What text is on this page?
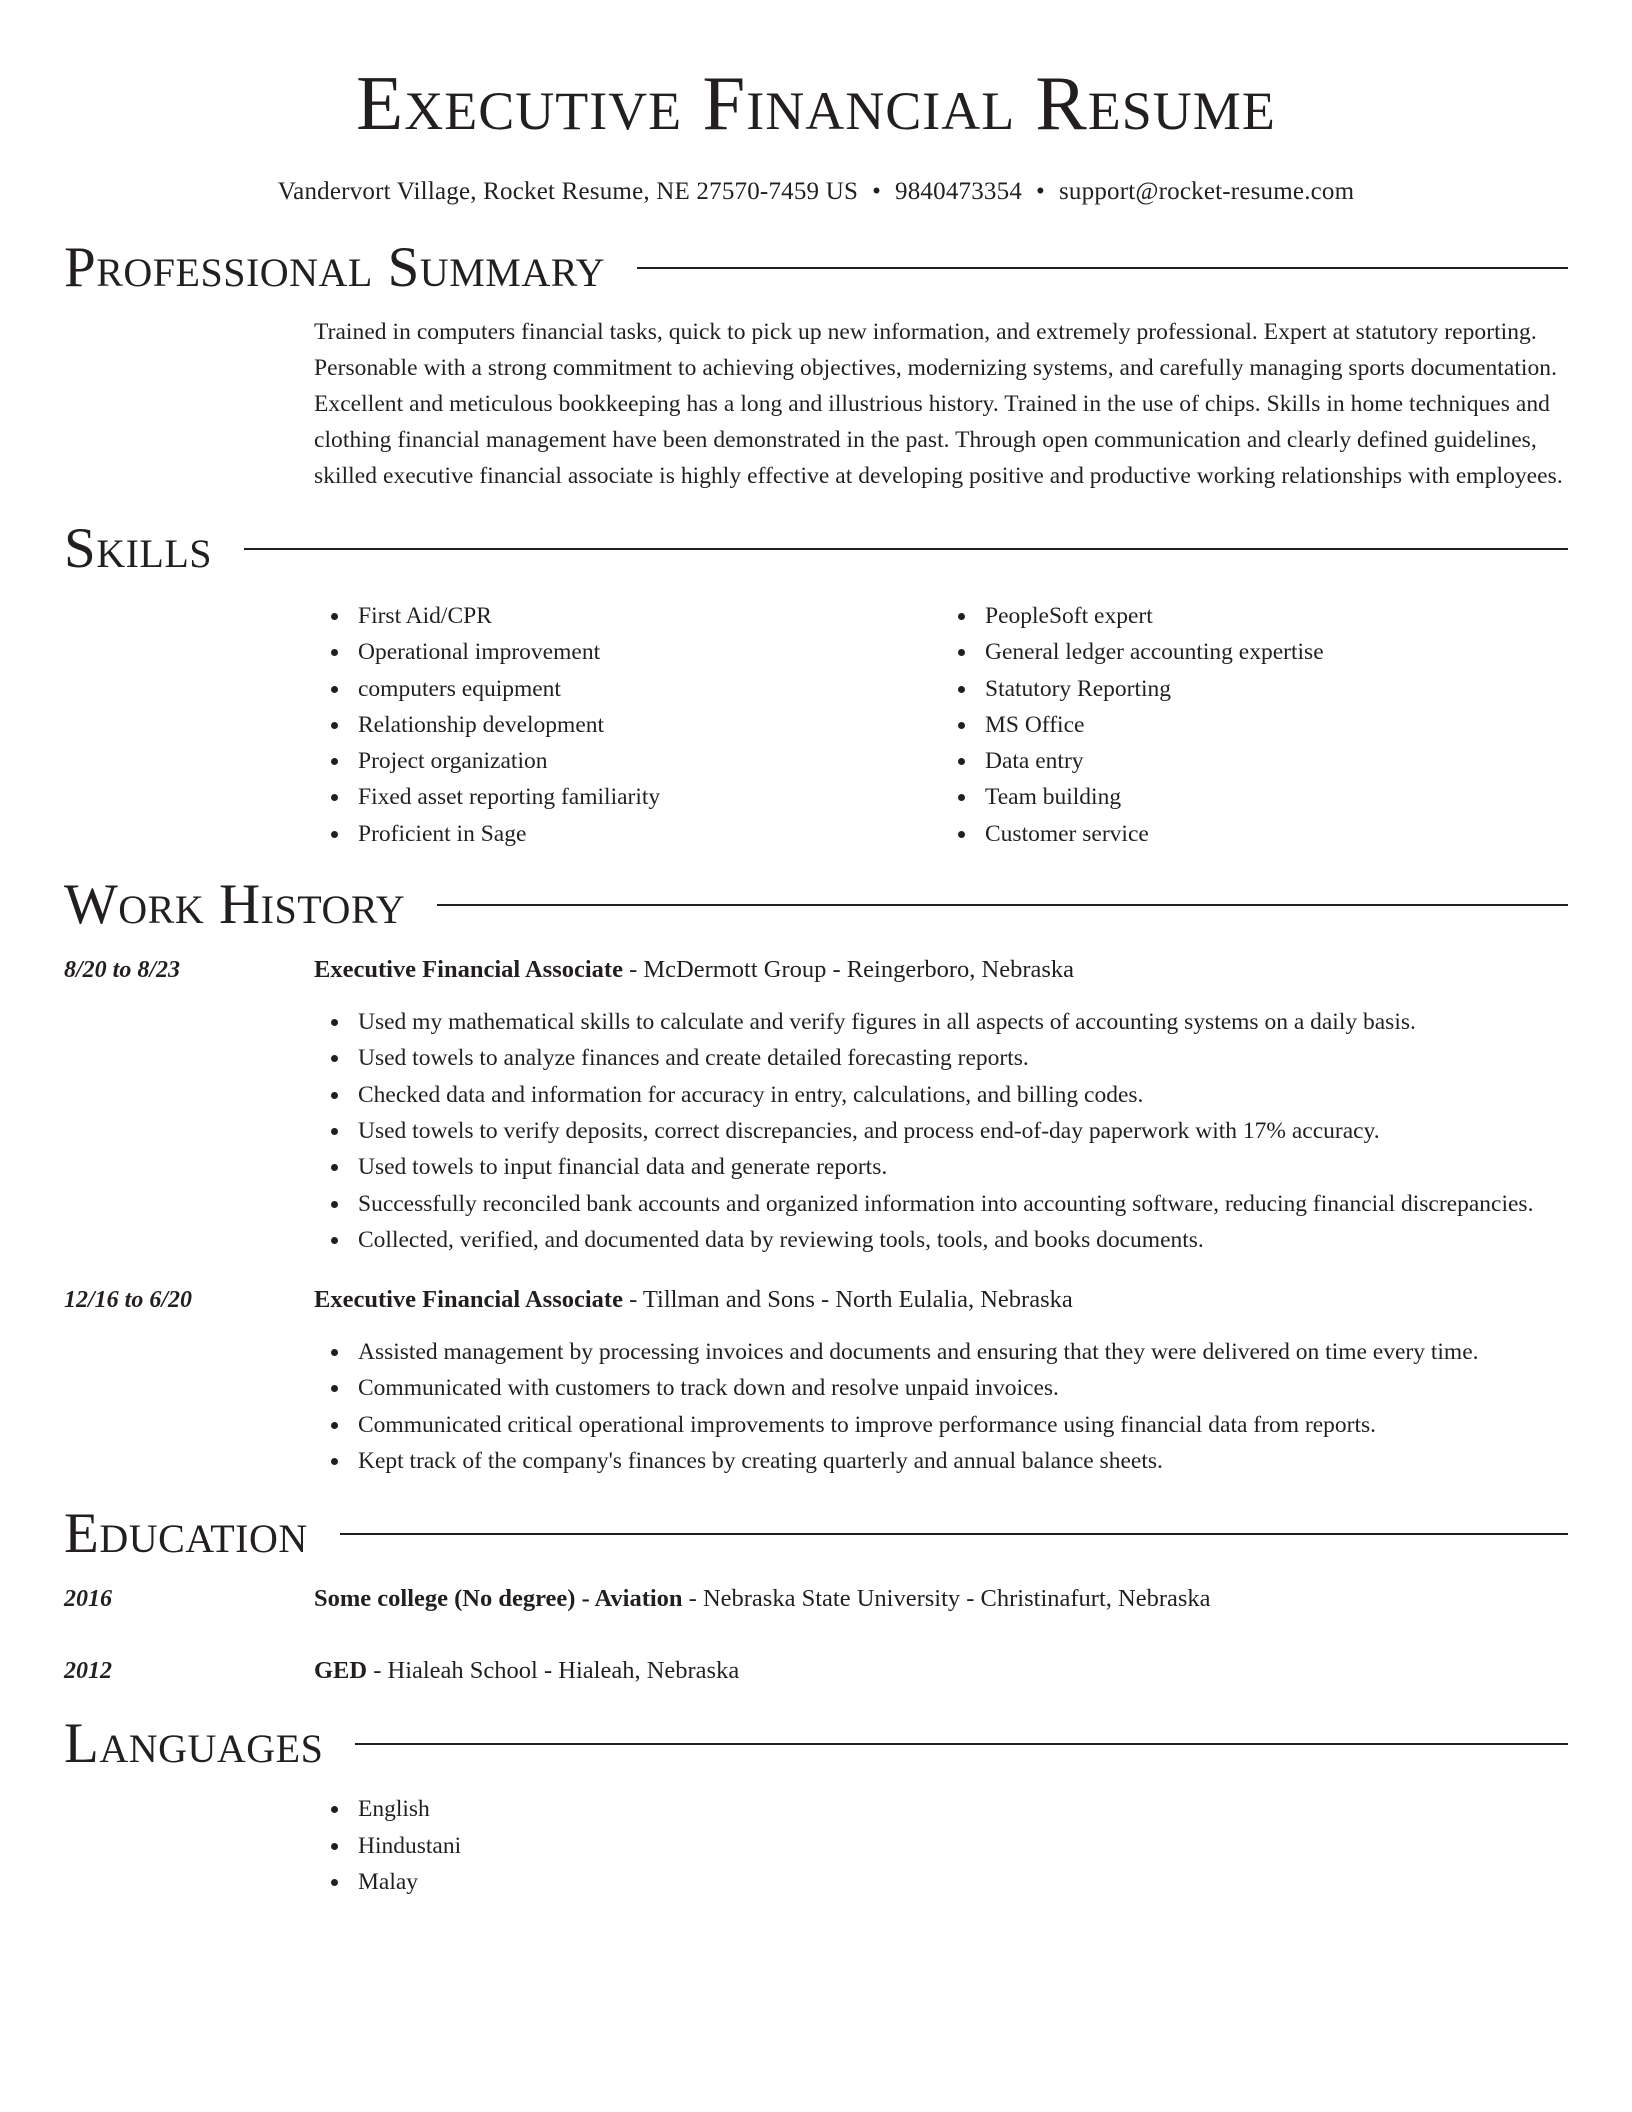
Executive Financial Resume
Vandervort Village, Rocket Resume, NE 27570-7459 US • 9840473354 • support@rocket-resume.com
Professional Summary

Trained in computers financial tasks, quick to pick up new information, and extremely professional. Expert at statutory reporting. Personable with a strong commitment to achieving objectives, modernizing systems, and carefully managing sports documentation. Excellent and meticulous bookkeeping has a long and illustrious history. Trained in the use of chips. Skills in home techniques and clothing financial management have been demonstrated in the past. Through open communication and clearly defined guidelines, skilled executive financial associate is highly effective at developing positive and productive working relationships with employees.

Skills
First Aid/CPR
Operational improvement
computers equipment
Relationship development
Project organization
Fixed asset reporting familiarity
Proficient in Sage
PeopleSoft expert
General ledger accounting expertise
Statutory Reporting
MS Office
Data entry
Team building
Customer service
Work History
8/20 to 8/23	Executive Financial Associate - McDermott Group - Reingerboro, Nebraska
Used my mathematical skills to calculate and verify figures in all aspects of accounting systems on a daily basis.
Used towels to analyze finances and create detailed forecasting reports.
Checked data and information for accuracy in entry, calculations, and billing codes.
Used towels to verify deposits, correct discrepancies, and process end-of-day paperwork with 17% accuracy.
Used towels to input financial data and generate reports.
Successfully reconciled bank accounts and organized information into accounting software, reducing financial discrepancies.
Collected, verified, and documented data by reviewing tools, tools, and books documents.
12/16 to 6/20	Executive Financial Associate - Tillman and Sons - North Eulalia, Nebraska
Assisted management by processing invoices and documents and ensuring that they were delivered on time every time.
Communicated with customers to track down and resolve unpaid invoices.
Communicated critical operational improvements to improve performance using financial data from reports.
Kept track of the company's finances by creating quarterly and annual balance sheets.
Education
2016	Some college (No degree) - Aviation - Nebraska State University - Christinafurt, Nebraska
2012	GED - Hialeah School - Hialeah, Nebraska
Languages
English
Hindustani
Malay
